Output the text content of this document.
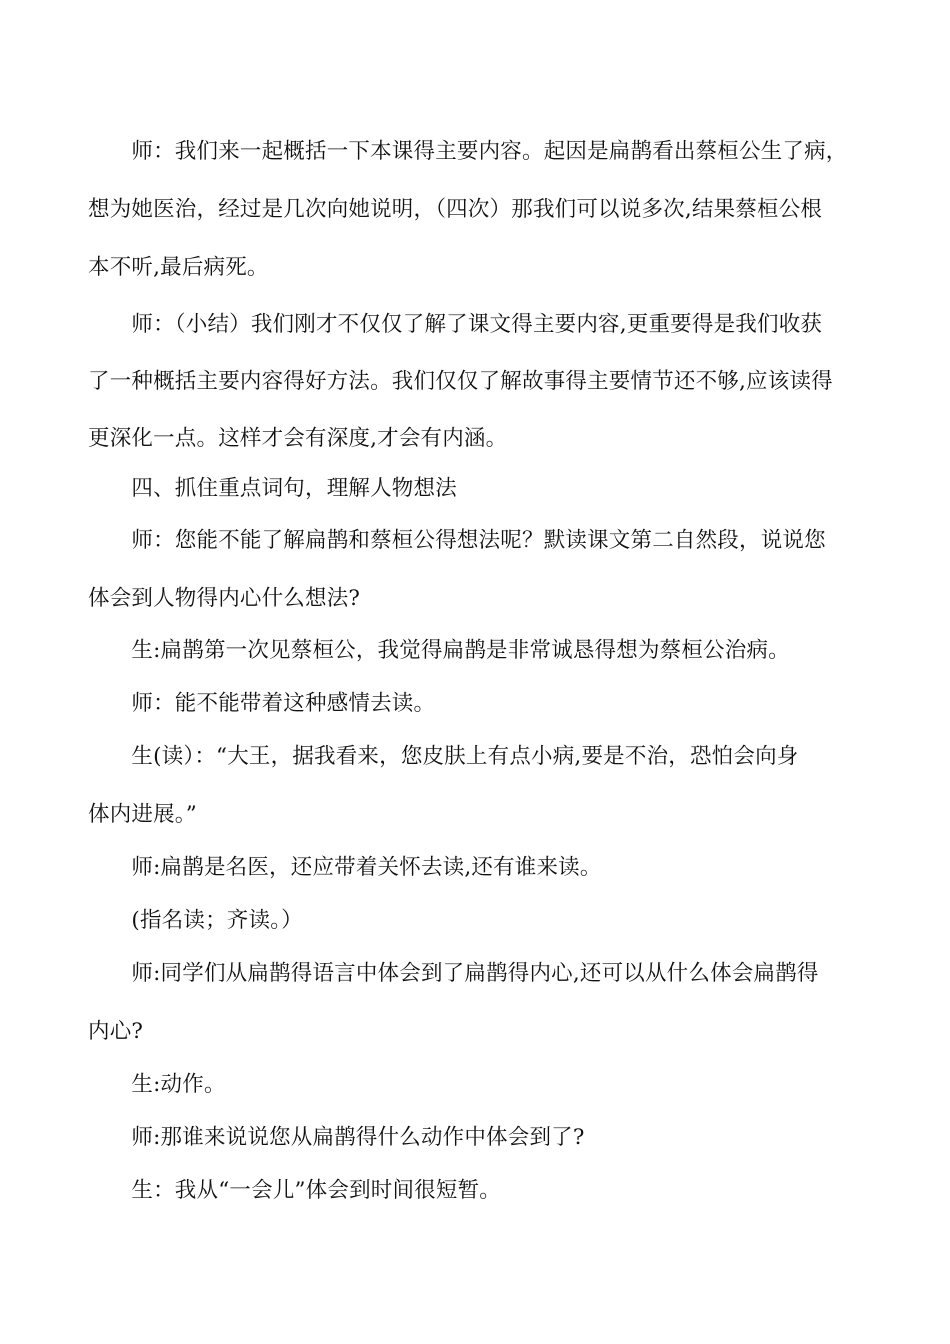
　　师：我们来一起概括一下本课得主要内容。起因是扁鹊看出蔡桓公生了病，
想为她医治，经过是几次向她说明，（四次）那我们可以说多次,结果蔡桓公根
本不听,最后病死。
　　师：（小结）我们刚才不仅仅了解了课文得主要内容,更重要得是我们收获
了一种概括主要内容得好方法。我们仅仅了解故事得主要情节还不够,应该读得
更深化一点。这样才会有深度,才会有内涵。
　　四、抓住重点词句，理解人物想法
　　师：您能不能了解扁鹊和蔡桓公得想法呢？默读课文第二自然段，说说您
体会到人物得内心什么想法?
　　生:扁鹊第一次见蔡桓公，我觉得扁鹊是非常诚恳得想为蔡桓公治病。
　　师：能不能带着这种感情去读。
　　生(读）：“大王，据我看来，您皮肤上有点小病,要是不治，恐怕会向身
体内进展。”
　　师:扁鹊是名医，还应带着关怀去读,还有谁来读。
　　(指名读；齐读。）
　　师:同学们从扁鹊得语言中体会到了扁鹊得内心,还可以从什么体会扁鹊得
内心?
　　生:动作。
　　师:那谁来说说您从扁鹊得什么动作中体会到了?
　　生：我从“一会儿”体会到时间很短暂。
